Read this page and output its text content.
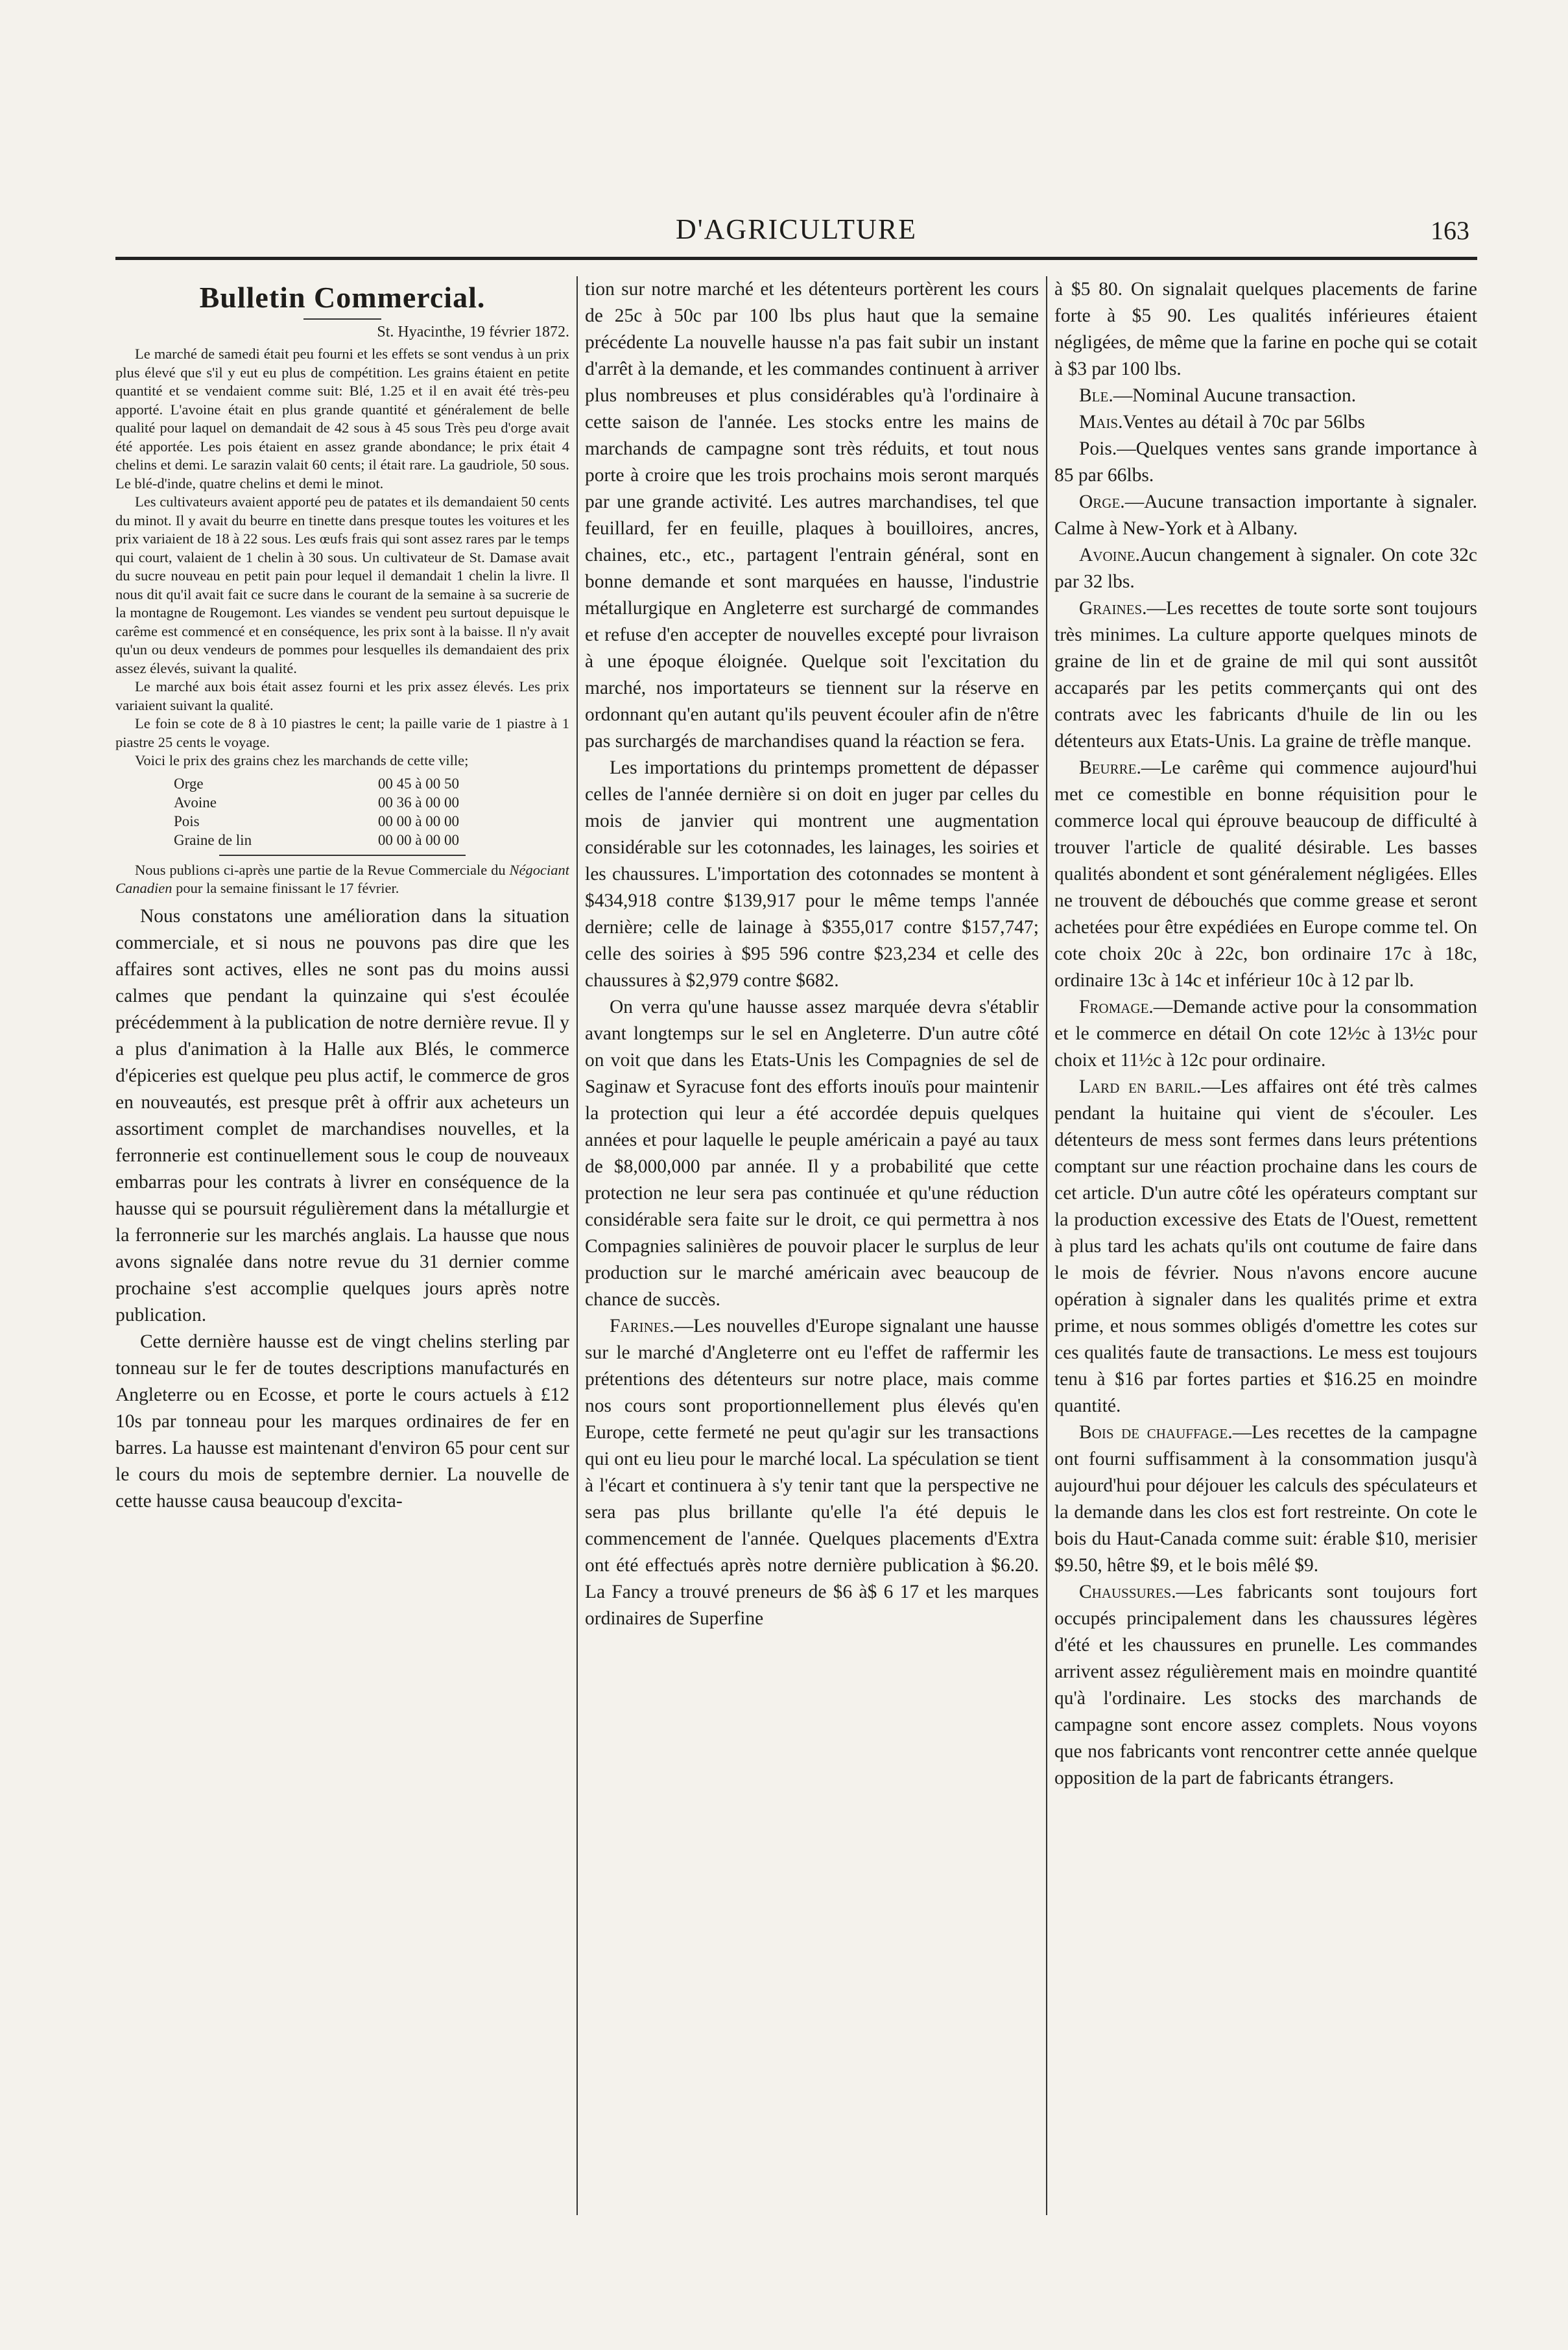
D'AGRICULTURE	163
Bulletin Commercial.
St. Hyacinthe, 19 février 1872.

Le marché de samedi était peu fourni et les effets se sont vendus à un prix plus élevé que s'il y eut eu plus de compétition. Les grains étaient en petite quantité et se vendaient comme suit: Blé, 1.25 et il en avait été très-peu apporté. L'avoine était en plus grande quantité et généralement de belle qualité pour laquel on demandait de 42 sous à 45 sous Très peu d'orge avait été apportée. Les pois étaient en assez grande abondance; le prix était 4 chelins et demi. Le sarazin valait 60 cents; il était rare. La gaudriole, 50 sous. Le blé-d'inde, quatre chelins et demi le minot.

Les cultivateurs avaient apporté peu de patates et ils demandaient 50 cents du minot. Il y avait du beurre en tinette dans presque toutes les voitures et les prix variaient de 18 à 22 sous. Les œufs frais qui sont assez rares par le temps qui court, valaient de 1 chelin à 30 sous. Un cultivateur de St. Damase avait du sucre nouveau en petit pain pour lequel il demandait 1 chelin la livre. Il nous dit qu'il avait fait ce sucre dans le courant de la semaine à sa sucrerie de la montagne de Rougemont. Les viandes se vendent peu surtout depuisque le carême est commencé et en conséquence, les prix sont à la baisse. Il n'y avait qu'un ou deux vendeurs de pommes pour lesquelles ils demandaient des prix assez élevés, suivant la qualité.

Le marché aux bois était assez fourni et les prix assez élevés. Les prix variaient suivant la qualité.

Le foin se cote de 8 à 10 piastres le cent; la paille varie de 1 piastre à 1 piastre 25 cents le voyage.

Voici le prix des grains chez les marchands de cette ville;

Orge	00 45 à 00 50
Avoine	00 36 à 00 00
Pois	00 00 à 00 00
Graine de lin	00 00 à 00 00

Nous publions ci-après une partie de la Revue Commerciale du Négociant Canadien pour la semaine finissant le 17 février.

Nous constatons une amélioration dans la situation commerciale, et si nous ne pouvons pas dire que les affaires sont actives, elles ne sont pas du moins aussi calmes que pendant la quinzaine qui s'est écoulée précédemment à la publication de notre dernière revue. Il y a plus d'animation à la Halle aux Blés, le commerce d'épiceries est quelque peu plus actif, le commerce de gros en nouveautés, est presque prêt à offrir aux acheteurs un assortiment complet de marchandises nouvelles, et la ferronnerie est continuellement sous le coup de nouveaux embarras pour les contrats à livrer en conséquence de la hausse qui se poursuit régulièrement dans la métallurgie et la ferronnerie sur les marchés anglais. La hausse que nous avons signalée dans notre revue du 31 dernier comme prochaine s'est accomplie quelques jours après notre publication.

Cette dernière hausse est de vingt chelins sterling par tonneau sur le fer de toutes descriptions manufacturés en Angleterre ou en Ecosse, et porte le cours actuels à £12 10s par tonneau pour les marques ordinaires de fer en barres. La hausse est maintenant d'environ 65 pour cent sur le cours du mois de septembre dernier. La nouvelle de cette hausse causa beaucoup d'excita-

tion sur notre marché et les détenteurs portèrent les cours de 25c à 50c par 100 lbs plus haut que la semaine précédente La nouvelle hausse n'a pas fait subir un instant d'arrêt à la demande, et les commandes continuent à arriver plus nombreuses et plus considérables qu'à l'ordinaire à cette saison de l'année. Les stocks entre les mains de marchands de campagne sont très réduits, et tout nous porte à croire que les trois prochains mois seront marqués par une grande activité. Les autres marchandises, tel que feuillard, fer en feuille, plaques à bouilloires, ancres, chaines, etc., etc., partagent l'entrain général, sont en bonne demande et sont marquées en hausse, l'industrie métallurgique en Angleterre est surchargé de commandes et refuse d'en accepter de nouvelles excepté pour livraison à une époque éloignée. Quelque soit l'excitation du marché, nos importateurs se tiennent sur la réserve en ordonnant qu'en autant qu'ils peuvent écouler afin de n'être pas surchargés de marchandises quand la réaction se fera.

Les importations du printemps promettent de dépasser celles de l'année dernière si on doit en juger par celles du mois de janvier qui montrent une augmentation considérable sur les cotonnades, les lainages, les soiries et les chaussures. L'importation des cotonnades se montent à $434,918 contre $139,917 pour le même temps l'année dernière; celle de lainage à $355,017 contre $157,747; celle des soiries à $95 596 contre $23,234 et celle des chaussures à $2,979 contre $682.

On verra qu'une hausse assez marquée devra s'établir avant longtemps sur le sel en Angleterre. D'un autre côté on voit que dans les Etats-Unis les Compagnies de sel de Saginaw et Syracuse font des efforts inouïs pour maintenir la protection qui leur a été accordée depuis quelques années et pour laquelle le peuple américain a payé au taux de $8,000,000 par année. Il y a probabilité que cette protection ne leur sera pas continuée et qu'une réduction considérable sera faite sur le droit, ce qui permettra à nos Compagnies salinières de pouvoir placer le surplus de leur production sur le marché américain avec beaucoup de chance de succès.

Farines.—Les nouvelles d'Europe signalant une hausse sur le marché d'Angleterre ont eu l'effet de raffermir les prétentions des détenteurs sur notre place, mais comme nos cours sont proportionnellement plus élevés qu'en Europe, cette fermeté ne peut qu'agir sur les transactions qui ont eu lieu pour le marché local. La spéculation se tient à l'écart et continuera à s'y tenir tant que la perspective ne sera pas plus brillante qu'elle l'a été depuis le commencement de l'année. Quelques placements d'Extra ont été effectués après notre dernière publication à $6.20. La Fancy a trouvé preneurs de $6 à$ 6 17 et les marques ordinaires de Superfine

à $5 80. On signalait quelques placements de farine forte à $5 90. Les qualités inférieures étaient négligées, de même que la farine en poche qui se cotait à $3 par 100 lbs.

Ble.—Nominal Aucune transaction.

Mais.Ventes au détail à 70c par 56lbs

Pois.—Quelques ventes sans grande importance à 85 par 66lbs.

Orge.—Aucune transaction importante à signaler. Calme à New-York et à Albany.

Avoine.Aucun changement à signaler. On cote 32c par 32 lbs.

Graines.—Les recettes de toute sorte sont toujours très minimes. La culture apporte quelques minots de graine de lin et de graine de mil qui sont aussitôt accaparés par les petits commerçants qui ont des contrats avec les fabricants d'huile de lin ou les détenteurs aux Etats-Unis. La graine de trèfle manque.

Beurre.—Le carême qui commence aujourd'hui met ce comestible en bonne réquisition pour le commerce local qui éprouve beaucoup de difficulté à trouver l'article de qualité désirable. Les basses qualités abondent et sont généralement négligées. Elles ne trouvent de débouchés que comme grease et seront achetées pour être expédiées en Europe comme tel. On cote choix 20c à 22c, bon ordinaire 17c à 18c, ordinaire 13c à 14c et inférieur 10c à 12 par lb.

Fromage.—Demande active pour la consommation et le commerce en détail On cote 12½c à 13½c pour choix et 11½c à 12c pour ordinaire.

Lard en baril.—Les affaires ont été très calmes pendant la huitaine qui vient de s'écouler. Les détenteurs de mess sont fermes dans leurs prétentions comptant sur une réaction prochaine dans les cours de cet article. D'un autre côté les opérateurs comptant sur la production excessive des Etats de l'Ouest, remettent à plus tard les achats qu'ils ont coutume de faire dans le mois de février. Nous n'avons encore aucune opération à signaler dans les qualités prime et extra prime, et nous sommes obligés d'omettre les cotes sur ces qualités faute de transactions. Le mess est toujours tenu à $16 par fortes parties et $16.25 en moindre quantité.

Bois de chauffage.—Les recettes de la campagne ont fourni suffisamment à la consommation jusqu'à aujourd'hui pour déjouer les calculs des spéculateurs et la demande dans les clos est fort restreinte. On cote le bois du Haut-Canada comme suit: érable $10, merisier $9.50, hêtre $9, et le bois mêlé $9.

Chaussures.—Les fabricants sont toujours fort occupés principalement dans les chaussures légères d'été et les chaussures en prunelle. Les commandes arrivent assez régulièrement mais en moindre quantité qu'à l'ordinaire. Les stocks des marchands de campagne sont encore assez complets. Nous voyons que nos fabricants vont rencontrer cette année quelque opposition de la part de fabricants étrangers.
